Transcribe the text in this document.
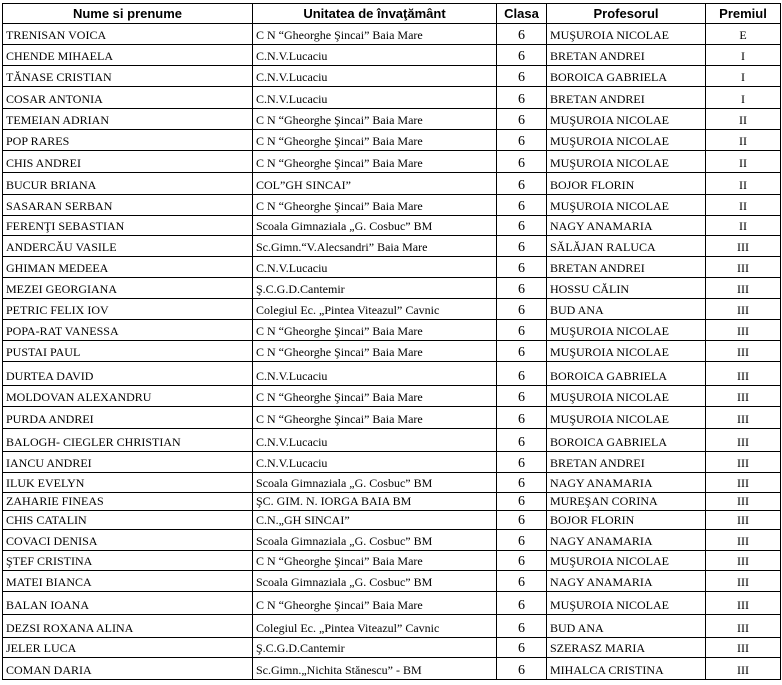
Nume si prenume	Unitatea de învaţământ	Clasa	Profesorul	Premiul
TRENISAN VOICA	C N “Gheorghe Şincai” Baia Mare	6	MUŞUROIA NICOLAE	E
CHENDE MIHAELA	C.N.V.Lucaciu	6	BRETAN ANDREI	I
TĂNASE CRISTIAN	C.N.V.Lucaciu	6	BOROICA GABRIELA	I
COSAR ANTONIA	C.N.V.Lucaciu	6	BRETAN ANDREI	I
TEMEIAN ADRIAN	C N “Gheorghe Şincai” Baia Mare	6	MUŞUROIA NICOLAE	II
POP RARES	C N “Gheorghe Şincai” Baia Mare	6	MUŞUROIA NICOLAE	II
CHIS ANDREI	C N “Gheorghe Şincai” Baia Mare	6	MUŞUROIA NICOLAE	II
BUCUR BRIANA	COL”GH SINCAI”	6	BOJOR FLORIN	II
SASARAN SERBAN	C N “Gheorghe Şincai” Baia Mare	6	MUŞUROIA NICOLAE	II
FERENŢI SEBASTIAN	Scoala Gimnaziala „G. Cosbuc” BM	6	NAGY ANAMARIA	II
ANDERCĂU VASILE	Sc.Gimn.“V.Alecsandri” Baia Mare	6	SĂLĂJAN RALUCA	III
GHIMAN MEDEEA	C.N.V.Lucaciu	6	BRETAN ANDREI	III
MEZEI GEORGIANA	Ş.C.G.D.Cantemir	6	HOSSU CĂLIN	III
PETRIC FELIX IOV	Colegiul Ec. „Pintea Viteazul” Cavnic	6	BUD ANA	III
POPA-RAT VANESSA	C N “Gheorghe Şincai” Baia Mare	6	MUŞUROIA NICOLAE	III
PUSTAI PAUL	C N “Gheorghe Şincai” Baia Mare	6	MUŞUROIA NICOLAE	III
DURTEA DAVID	C.N.V.Lucaciu	6	BOROICA GABRIELA	III
MOLDOVAN ALEXANDRU	C N “Gheorghe Şincai” Baia Mare	6	MUŞUROIA NICOLAE	III
PURDA ANDREI	C N “Gheorghe Şincai” Baia Mare	6	MUŞUROIA NICOLAE	III
BALOGH- CIEGLER CHRISTIAN	C.N.V.Lucaciu	6	BOROICA GABRIELA	III
IANCU ANDREI	C.N.V.Lucaciu	6	BRETAN ANDREI	III
ILUK EVELYN	Scoala Gimnaziala „G. Cosbuc” BM	6	NAGY ANAMARIA	III
ZAHARIE FINEAS	ŞC. GIM. N. IORGA BAIA BM	6	MUREŞAN CORINA	III
CHIS CATALIN	C.N.„GH SINCAI”	6	BOJOR FLORIN	III
COVACI DENISA	Scoala Gimnaziala „G. Cosbuc” BM	6	NAGY ANAMARIA	III
ŞTEF CRISTINA	C N “Gheorghe Şincai” Baia Mare	6	MUŞUROIA NICOLAE	III
MATEI BIANCA	Scoala Gimnaziala „G. Cosbuc” BM	6	NAGY ANAMARIA	III
BALAN IOANA	C N “Gheorghe Şincai” Baia Mare	6	MUŞUROIA NICOLAE	III
DEZSI ROXANA ALINA	Colegiul Ec. „Pintea Viteazul” Cavnic	6	BUD ANA	III
JELER LUCA	Ş.C.G.D.Cantemir	6	SZERASZ MARIA	III
COMAN DARIA	Sc.Gimn.„Nichita Stănescu” - BM	6	MIHALCA CRISTINA	III
